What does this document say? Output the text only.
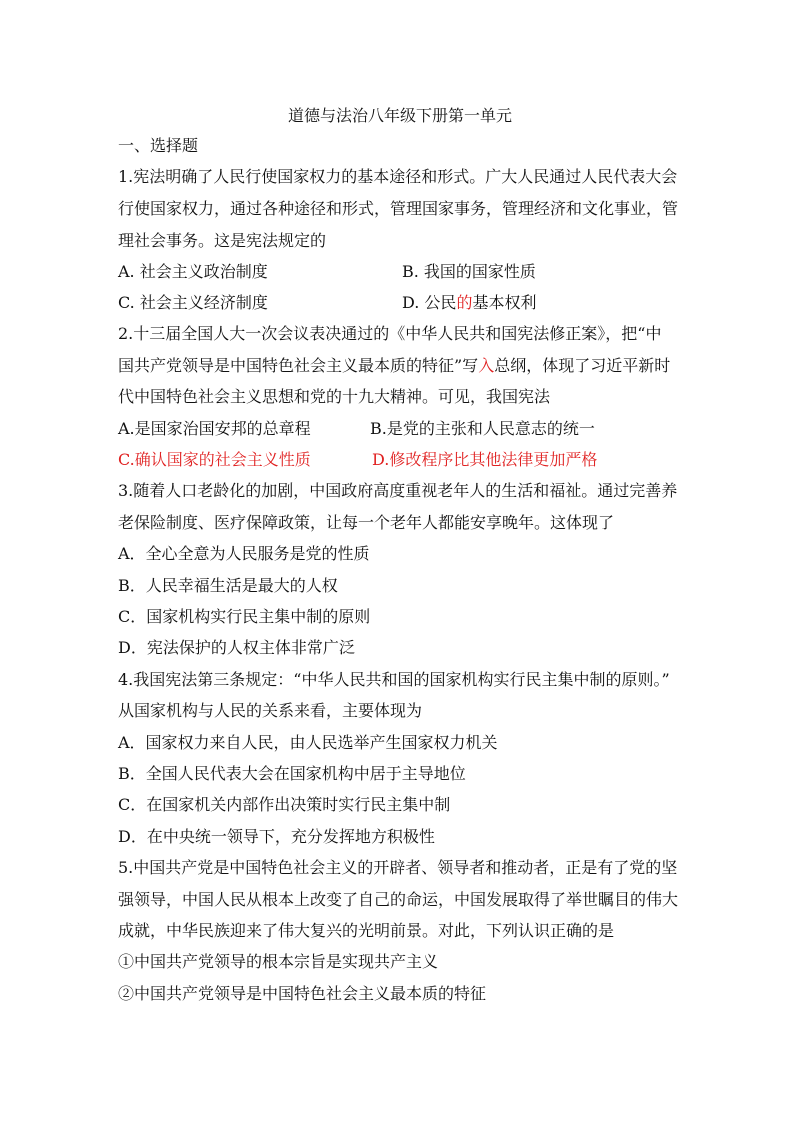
道德与法治八年级下册第一单元
一、选择题
1.宪法明确了人民行使国家权力的基本途径和形式。广大人民通过人民代表大会
行使国家权力，通过各种途径和形式，管理国家事务，管理经济和文化事业，管
理社会事务。这是宪法规定的
A. 社会主义政治制度	B. 我国的国家性质
C. 社会主义经济制度	D. 公民的基本权利
2.十三届全国人大一次会议表决通过的《中华人民共和国宪法修正案》，把“中
国共产党领导是中国特色社会主义最本质的特征”写入总纲，体现了习近平新时
代中国特色社会主义思想和党的十九大精神。可见，我国宪法
A.是国家治国安邦的总章程	B.是党的主张和人民意志的统一
C.确认国家的社会主义性质	D.修改程序比其他法律更加严格
3.随着人口老龄化的加剧，中国政府高度重视老年人的生活和福祉。通过完善养
老保险制度、医疗保障政策，让每一个老年人都能安享晚年。这体现了
A．全心全意为人民服务是党的性质
B．人民幸福生活是最大的人权
C．国家机构实行民主集中制的原则
D．宪法保护的人权主体非常广泛
4.我国宪法第三条规定：“中华人民共和国的国家机构实行民主集中制的原则。”
从国家机构与人民的关系来看，主要体现为
A．国家权力来自人民，由人民选举产生国家权力机关
B．全国人民代表大会在国家机构中居于主导地位
C．在国家机关内部作出决策时实行民主集中制
D．在中央统一领导下，充分发挥地方积极性
5.中国共产党是中国特色社会主义的开辟者、领导者和推动者，正是有了党的坚
强领导，中国人民从根本上改变了自己的命运，中国发展取得了举世瞩目的伟大
成就，中华民族迎来了伟大复兴的光明前景。对此，下列认识正确的是
①中国共产党领导的根本宗旨是实现共产主义
②中国共产党领导是中国特色社会主义最本质的特征
